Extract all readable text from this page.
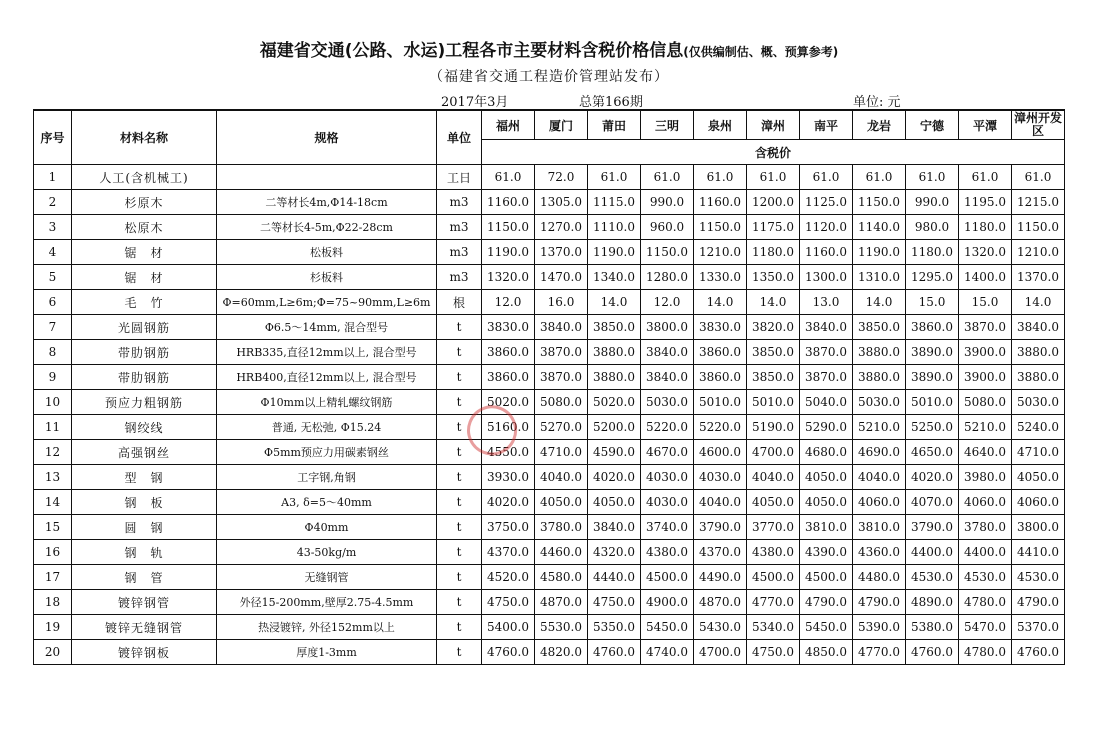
福建省交通(公路、水运)工程各市主要材料含税价格信息(仅供编制估、概、预算参考)
（福建省交通工程造价管理站发布）
2017年3月	总第166期	单位: 元
序号	材料名称	规格	单位	福州	厦门	莆田	三明	泉州	漳州	南平	龙岩	宁德	平潭	漳州开发区
				含税价										
1	人工(含机械工)		工日	61.0	72.0	61.0	61.0	61.0	61.0	61.0	61.0	61.0	61.0	61.0
2	杉原木	二等材长4m,Φ14-18cm	m3	1160.0	1305.0	1115.0	990.0	1160.0	1200.0	1125.0	1150.0	990.0	1195.0	1215.0
3	松原木	二等材长4-5m,Φ22-28cm	m3	1150.0	1270.0	1110.0	960.0	1150.0	1175.0	1120.0	1140.0	980.0	1180.0	1150.0
4	锯　材	松板料	m3	1190.0	1370.0	1190.0	1150.0	1210.0	1180.0	1160.0	1190.0	1180.0	1320.0	1210.0
5	锯　材	杉板料	m3	1320.0	1470.0	1340.0	1280.0	1330.0	1350.0	1300.0	1310.0	1295.0	1400.0	1370.0
6	毛　竹	Φ=60mm,L≥6m;Φ=75~90mm,L≥6m	根	12.0	16.0	14.0	12.0	14.0	14.0	13.0	14.0	15.0	15.0	14.0
7	光圆钢筋	Φ6.5～14mm, 混合型号	t	3830.0	3840.0	3850.0	3800.0	3830.0	3820.0	3840.0	3850.0	3860.0	3870.0	3840.0
8	带肋钢筋	HRB335,直径12mm以上, 混合型号	t	3860.0	3870.0	3880.0	3840.0	3860.0	3850.0	3870.0	3880.0	3890.0	3900.0	3880.0
9	带肋钢筋	HRB400,直径12mm以上, 混合型号	t	3860.0	3870.0	3880.0	3840.0	3860.0	3850.0	3870.0	3880.0	3890.0	3900.0	3880.0
10	预应力粗钢筋	Φ10mm以上精轧螺纹钢筋	t	5020.0	5080.0	5020.0	5030.0	5010.0	5010.0	5040.0	5030.0	5010.0	5080.0	5030.0
11	钢绞线	普通, 无松弛, Φ15.24	t	5160.0	5270.0	5200.0	5220.0	5220.0	5190.0	5290.0	5210.0	5250.0	5210.0	5240.0
12	高强钢丝	Φ5mm预应力用碳素钢丝	t	4550.0	4710.0	4590.0	4670.0	4600.0	4700.0	4680.0	4690.0	4650.0	4640.0	4710.0
13	型　钢	工字钢,角钢	t	3930.0	4040.0	4020.0	4030.0	4030.0	4040.0	4050.0	4040.0	4020.0	3980.0	4050.0
14	钢　板	A3, δ=5～40mm	t	4020.0	4050.0	4050.0	4030.0	4040.0	4050.0	4050.0	4060.0	4070.0	4060.0	4060.0
15	圆　钢	Φ40mm	t	3750.0	3780.0	3840.0	3740.0	3790.0	3770.0	3810.0	3810.0	3790.0	3780.0	3800.0
16	钢　轨	43-50kg/m	t	4370.0	4460.0	4320.0	4380.0	4370.0	4380.0	4390.0	4360.0	4400.0	4400.0	4410.0
17	钢　管	无缝钢管	t	4520.0	4580.0	4440.0	4500.0	4490.0	4500.0	4500.0	4480.0	4530.0	4530.0	4530.0
18	镀锌钢管	外径15-200mm,壁厚2.75-4.5mm	t	4750.0	4870.0	4750.0	4900.0	4870.0	4770.0	4790.0	4790.0	4890.0	4780.0	4790.0
19	镀锌无缝钢管	热浸镀锌, 外径152mm以上	t	5400.0	5530.0	5350.0	5450.0	5430.0	5340.0	5450.0	5390.0	5380.0	5470.0	5370.0
20	镀锌钢板	厚度1-3mm	t	4760.0	4820.0	4760.0	4740.0	4700.0	4750.0	4850.0	4770.0	4760.0	4780.0	4760.0
